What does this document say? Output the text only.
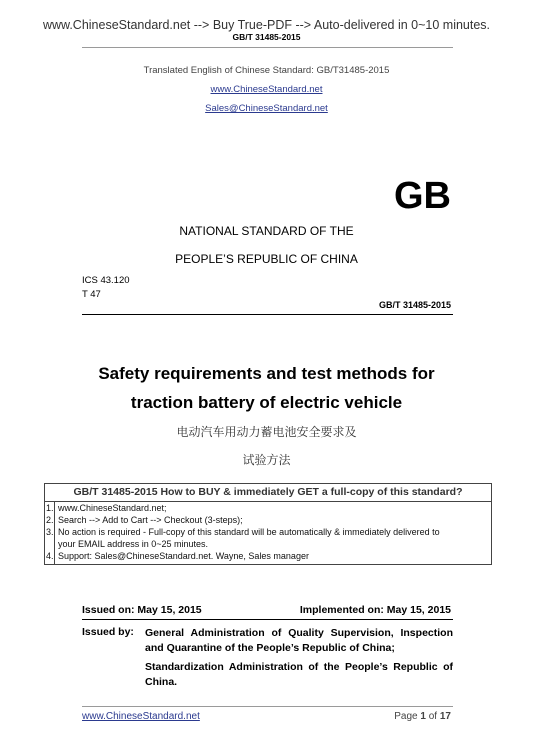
www.ChineseStandard.net --> Buy True-PDF --> Auto-delivered in 0~10 minutes.
GB/T 31485-2015
Translated English of Chinese Standard: GB/T31485-2015
www.ChineseStandard.net
Sales@ChineseStandard.net
GB
NATIONAL STANDARD OF THE
PEOPLE’S REPUBLIC OF CHINA
ICS 43.120
T 47
GB/T 31485-2015
Safety requirements and test methods for
traction battery of electric vehicle
电动汽车用动力蓄电池安全要求及
试验方法
GB/T 31485-2015 How to BUY & immediately GET a full-copy of this standard?
1. www.ChineseStandard.net;
2. Search --> Add to Cart --> Checkout (3-steps);
3. No action is required - Full-copy of this standard will be automatically & immediately delivered to
your EMAIL address in 0~25 minutes.
4. Support: Sales@ChineseStandard.net. Wayne, Sales manager
Issued on: May 15, 2015	Implemented on: May 15, 2015
Issued by: General Administration of Quality Supervision, Inspection and Quarantine of the People’s Republic of China;
Standardization Administration of the People’s Republic of China.
www.ChineseStandard.net	Page 1 of 17
